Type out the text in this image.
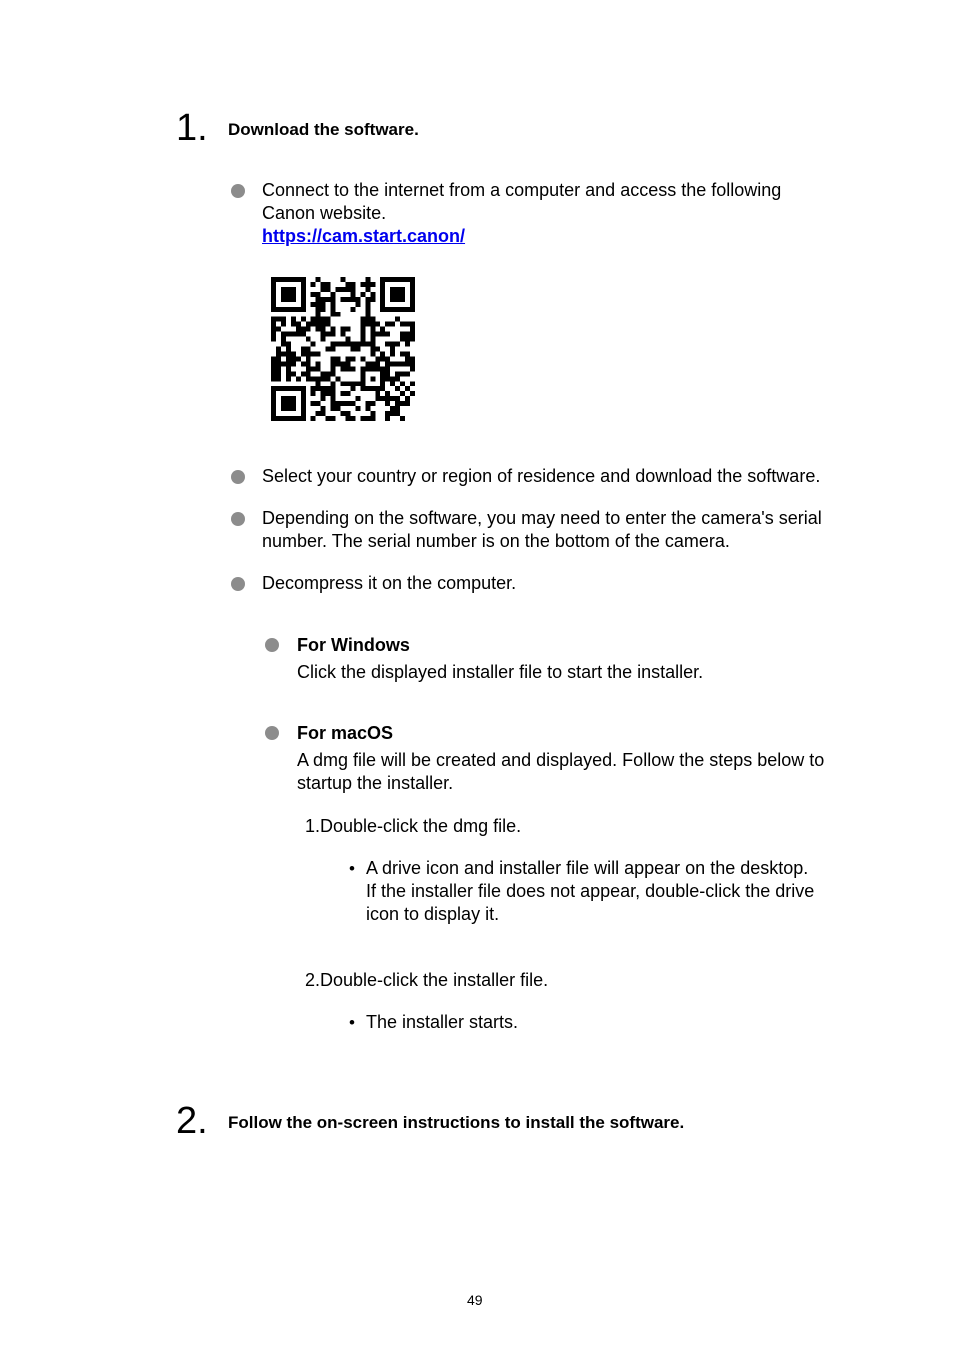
1. Download the software.
Connect to the internet from a computer and access the following
Canon website.
https://cam.start.canon/
Select your country or region of residence and download the software.
Depending on the software, you may need to enter the camera's serial
number. The serial number is on the bottom of the camera.
Decompress it on the computer.
For Windows
Click the displayed installer file to start the installer.
For macOS
A dmg file will be created and displayed. Follow the steps below to
startup the installer.
1.Double-click the dmg file.
• A drive icon and installer file will appear on the desktop.
If the installer file does not appear, double-click the drive
icon to display it.
2.Double-click the installer file.
• The installer starts.
2. Follow the on-screen instructions to install the software.
49
